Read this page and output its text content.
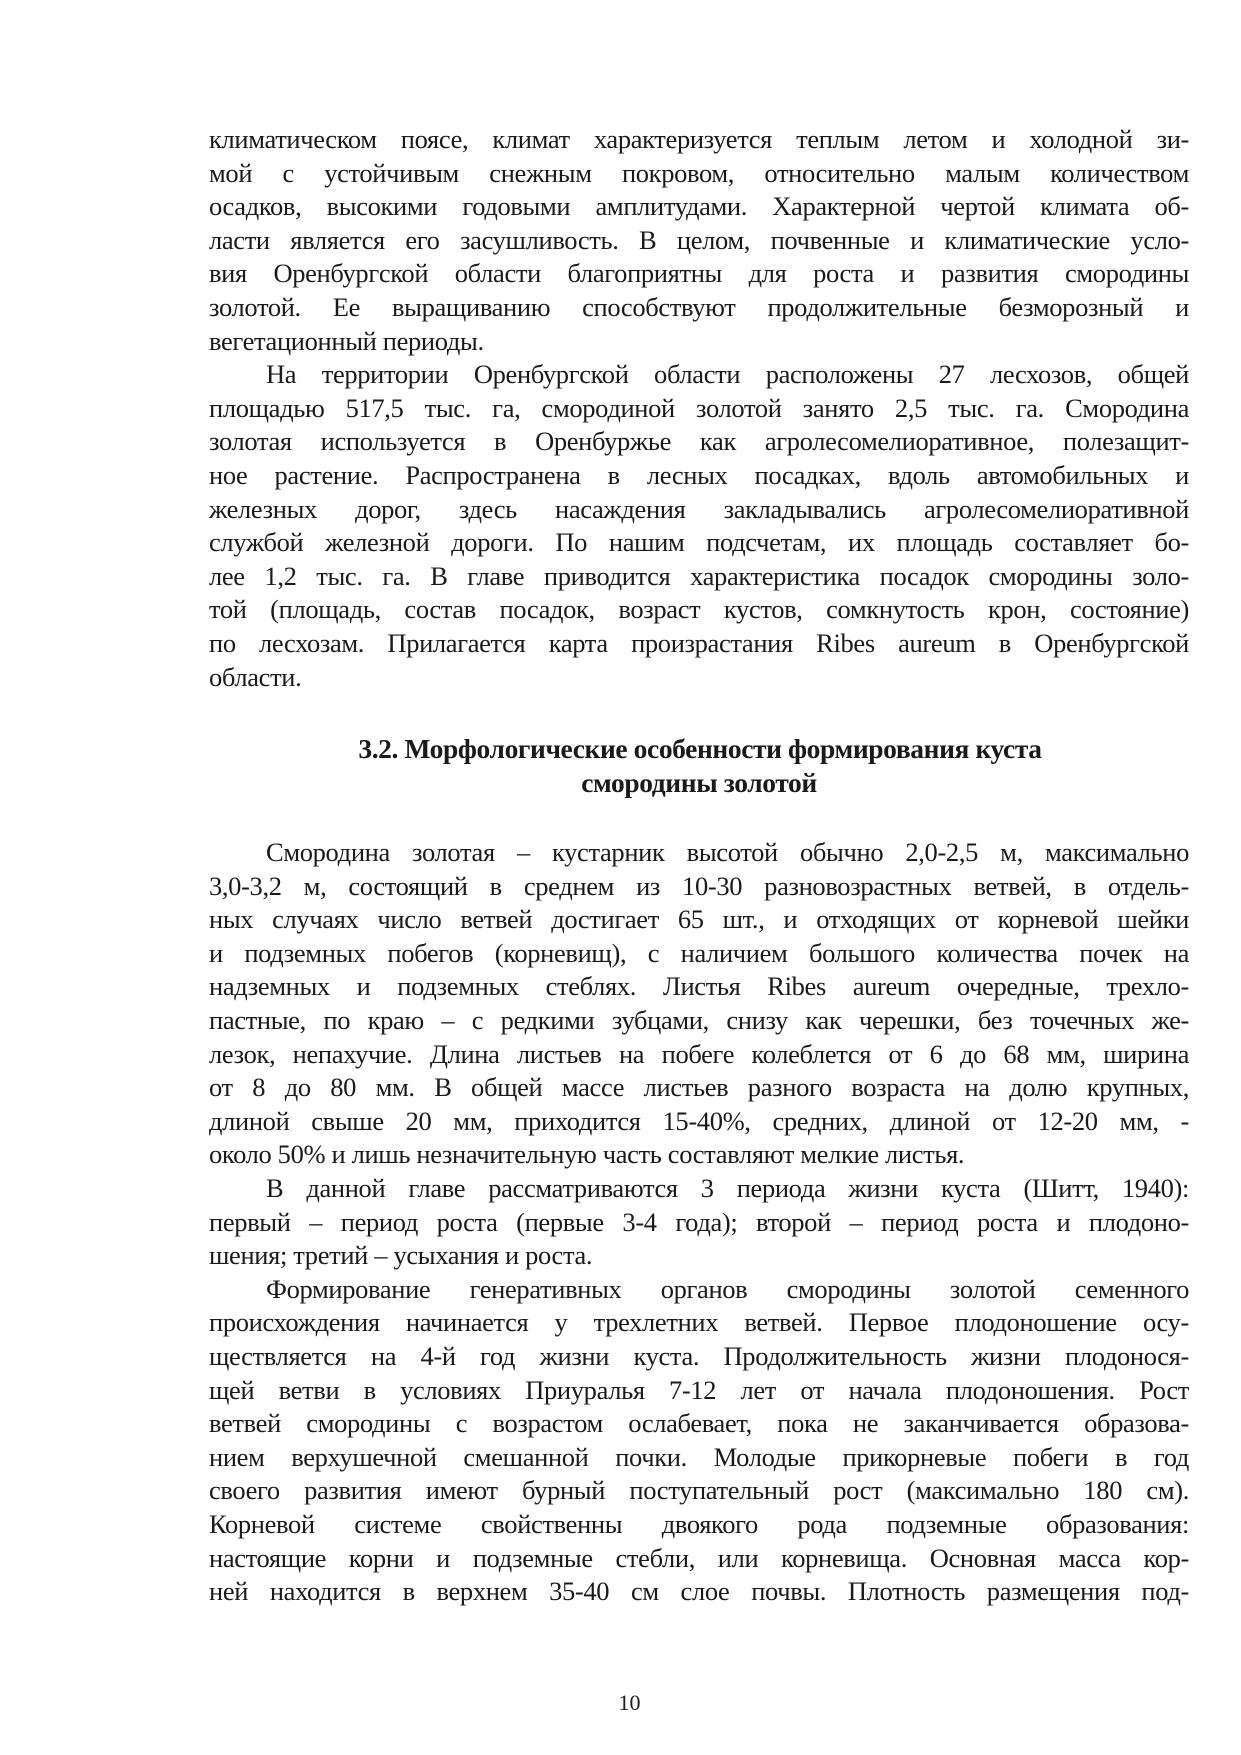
климатическом поясе, климат характеризуется теплым летом и холодной зи-
мой с устойчивым снежным покровом, относительно малым количеством
осадков, высокими годовыми амплитудами. Характерной чертой климата об-
ласти является его засушливость. В целом, почвенные и климатические усло-
вия Оренбургской области благоприятны для роста и развития смородины
золотой. Ее выращиванию способствуют продолжительные безморозный и
вегетационный периоды.

На территории Оренбургской области расположены 27 лесхозов, общей
площадью 517,5 тыс. га, смородиной золотой занято 2,5 тыс. га. Смородина
золотая используется в Оренбуржье как агролесомелиоративное, полезащит-
ное растение. Распространена в лесных посадках, вдоль автомобильных и
железных дорог, здесь насаждения закладывались агролесомелиоративной
службой железной дороги. По нашим подсчетам, их площадь составляет бо-
лее 1,2 тыс. га. В главе приводится характеристика посадок смородины золо-
той (площадь, состав посадок, возраст кустов, сомкнутость крон, состояние)
по лесхозам. Прилагается карта произрастания Ribes aureum в Оренбургской
области.

3.2. Морфологические особенности формирования куста
смородины золотой

Смородина золотая – кустарник высотой обычно 2,0-2,5 м, максимально
3,0-3,2 м, состоящий в среднем из 10-30 разновозрастных ветвей, в отдель-
ных случаях число ветвей достигает 65 шт., и отходящих от корневой шейки
и подземных побегов (корневищ), с наличием большого количества почек на
надземных и подземных стеблях. Листья Ribes aureum очередные, трехло-
пастные, по краю – с редкими зубцами, снизу как черешки, без точечных же-
лезок, непахучие. Длина листьев на побеге колеблется от 6 до 68 мм, ширина
от 8 до 80 мм. В общей массе листьев разного возраста на долю крупных,
длиной свыше 20 мм, приходится 15-40%, средних, длиной от 12-20 мм, -
около 50% и лишь незначительную часть составляют мелкие листья.

В данной главе рассматриваются 3 периода жизни куста (Шитт, 1940):
первый – период роста (первые 3-4 года); второй – период роста и плодоно-
шения; третий – усыхания и роста.

Формирование генеративных органов смородины золотой семенного
происхождения начинается у трехлетних ветвей. Первое плодоношение осу-
ществляется на 4-й год жизни куста. Продолжительность жизни плодонося-
щей ветви в условиях Приуралья 7-12 лет от начала плодоношения. Рост
ветвей смородины с возрастом ослабевает, пока не заканчивается образова-
нием верхушечной смешанной почки. Молодые прикорневые побеги в год
своего развития имеют бурный поступательный рост (максимально 180 см).
Корневой системе свойственны двоякого рода подземные образования:
настоящие корни и подземные стебли, или корневища. Основная масса кор-
ней находится в верхнем 35-40 см слое почвы. Плотность размещения под-

10
